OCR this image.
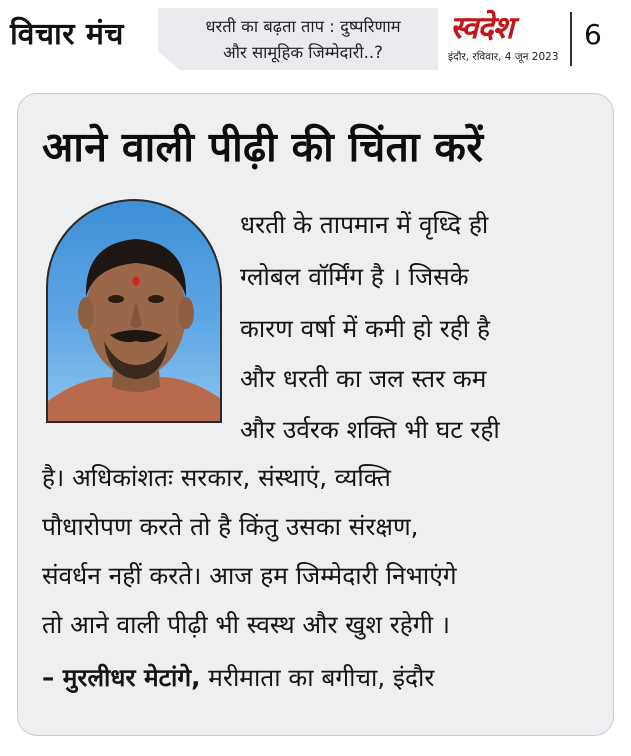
विचार मंच	धरती का बढ़ता ताप : दुष्परिणाम
और सामूहिक जिम्मेदारी..?
स्वदेश
इंदौर, रविवार, 4 जून 2023
6
आने वाली पीढ़ी की चिंता करें
धरती के तापमान में वृध्दि ही
ग्लोबल वॉर्मिंग है । जिसके
कारण वर्षा में कमी हो रही है
और धरती का जल स्तर कम
और उर्वरक शक्ति भी घट रही
है। अधिकांशतः सरकार, संस्थाएं, व्यक्ति
पौधारोपण करते तो है किंतु उसका संरक्षण,
संवर्धन नहीं करते। आज हम जिम्मेदारी निभाएंगे
तो आने वाली पीढ़ी भी स्वस्थ और खुश रहेगी ।
– मुरलीधर मेटांगे, मरीमाता का बगीचा, इंदौर
